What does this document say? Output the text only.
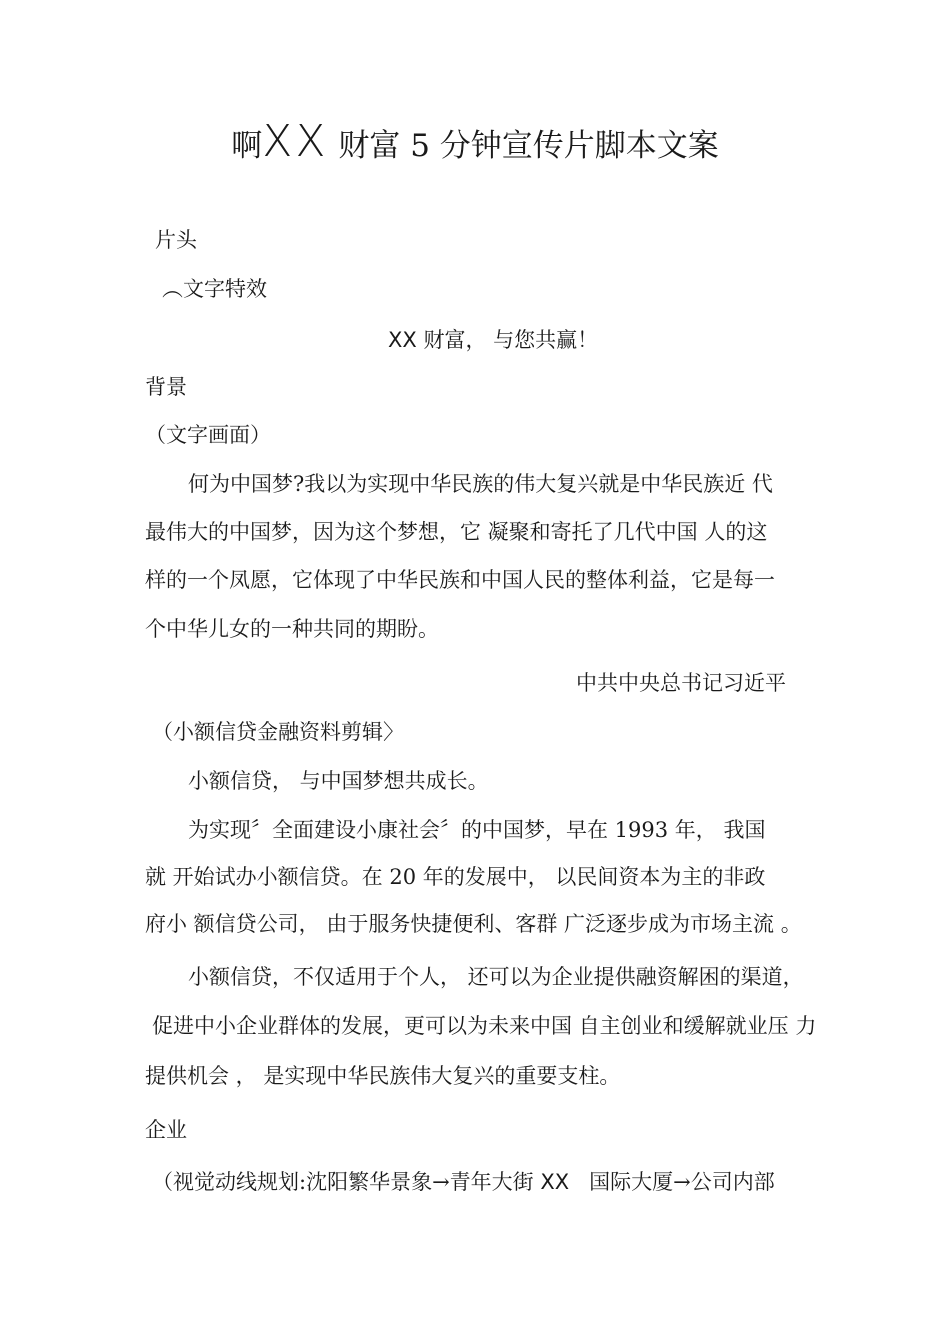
啊XX 财富 5 分钟宣传片脚本文案
片头
︵文字特效
XX 财富， 与您共赢！
背景
（文字画面）
何为中国梦?我以为实现中华民族的伟大复兴就是中华民族近 代
最伟大的中国梦，因为这个梦想，它 凝聚和寄托了几代中国 人的这
样的一个凤愿，它体现了中华民族和中国人民的整体利益，它是每一
个中华儿女的一种共同的期盼。
中共中央总书记习近平
（小额信贷金融资料剪辑〉
小额信贷， 与中国梦想共成长。
为实现〞全面建设小康社会〞的中国梦，早在 1993 年， 我国
就 开始试办小额信贷。在 20 年的发展中， 以民间资本为主的非政
府小 额信贷公司， 由于服务快捷便利、客群 广泛逐步成为市场主流 。
小额信贷，不仅适用于个人， 还可以为企业提供融资解困的渠道，
促进中小企业群体的发展，更可以为未来中国 自主创业和缓解就业压 力
提供机会 ， 是实现中华民族伟大复兴的重要支柱。
企业
（视觉动线规划:沈阳繁华景象→青年大街 XX 国际大厦→公司内部
